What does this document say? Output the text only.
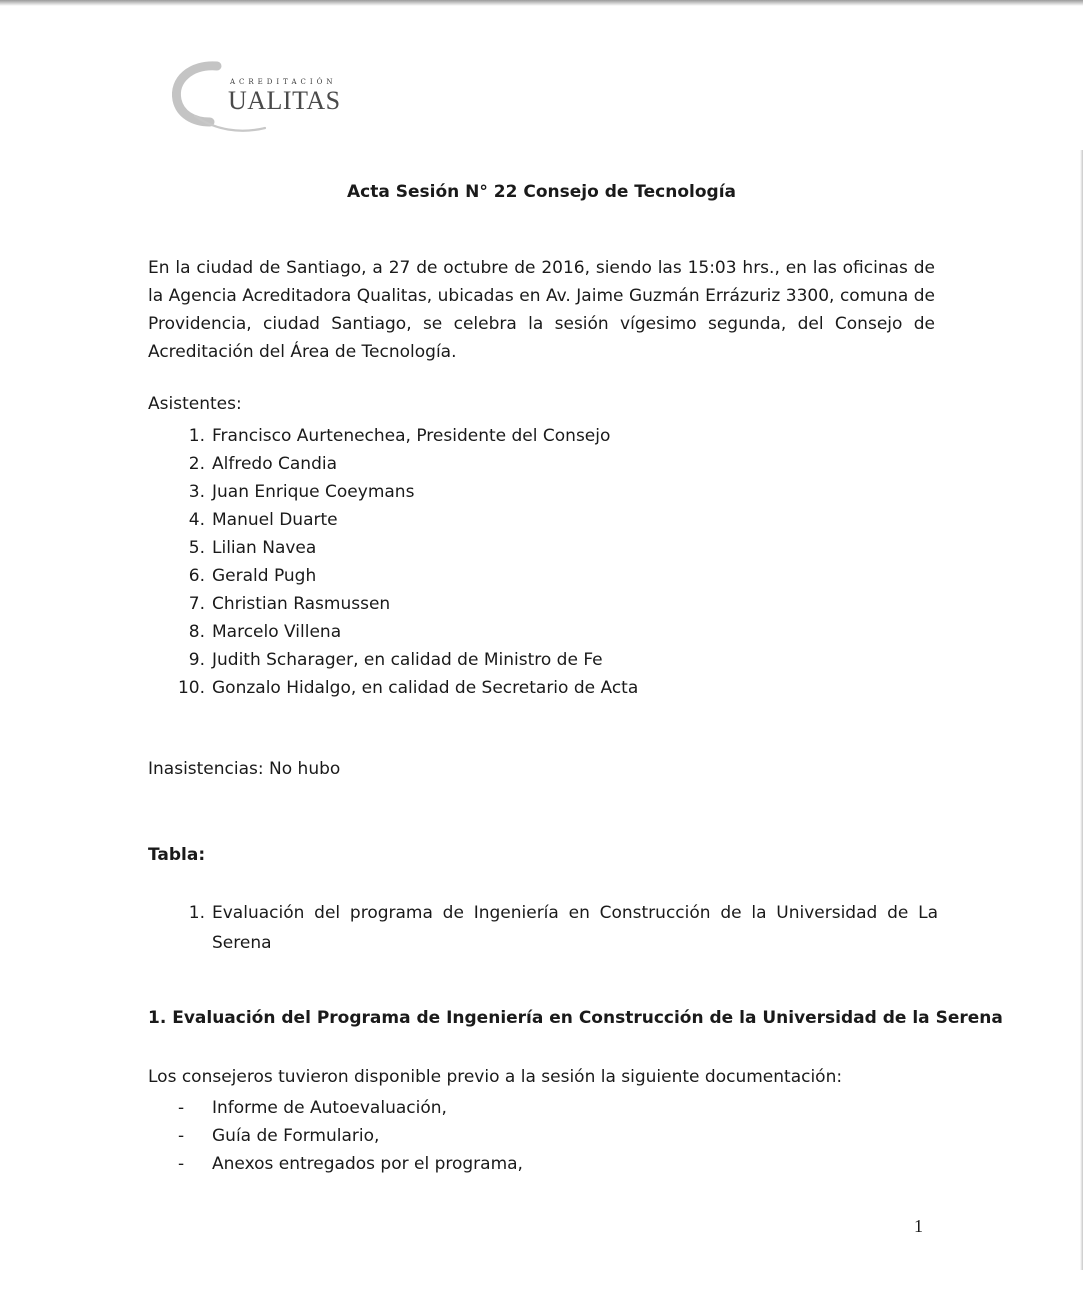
ACREDITACIÓN
UALITAS
Acta Sesión N° 22 Consejo de Tecnología
En la ciudad de Santiago, a 27 de octubre de 2016, siendo las 15:03 hrs., en las oficinas de la Agencia Acreditadora Qualitas, ubicadas en Av. Jaime Guzmán Errázuriz 3300, comuna de Providencia, ciudad Santiago, se celebra la sesión vígesimo segunda, del Consejo de Acreditación del Área de Tecnología.
Asistentes:
1. Francisco Aurtenechea, Presidente del Consejo
2. Alfredo Candia
3. Juan Enrique Coeymans
4. Manuel Duarte
5. Lilian Navea
6. Gerald Pugh
7. Christian Rasmussen
8. Marcelo Villena
9. Judith Scharager, en calidad de Ministro de Fe
10. Gonzalo Hidalgo, en calidad de Secretario de Acta
Inasistencias: No hubo
Tabla:
1. Evaluación del programa de Ingeniería en Construcción de la Universidad de La Serena
1. Evaluación del Programa de Ingeniería en Construcción de la Universidad de la Serena
Los consejeros tuvieron disponible previo a la sesión la siguiente documentación:
- Informe de Autoevaluación,
- Guía de Formulario,
- Anexos entregados por el programa,
1
